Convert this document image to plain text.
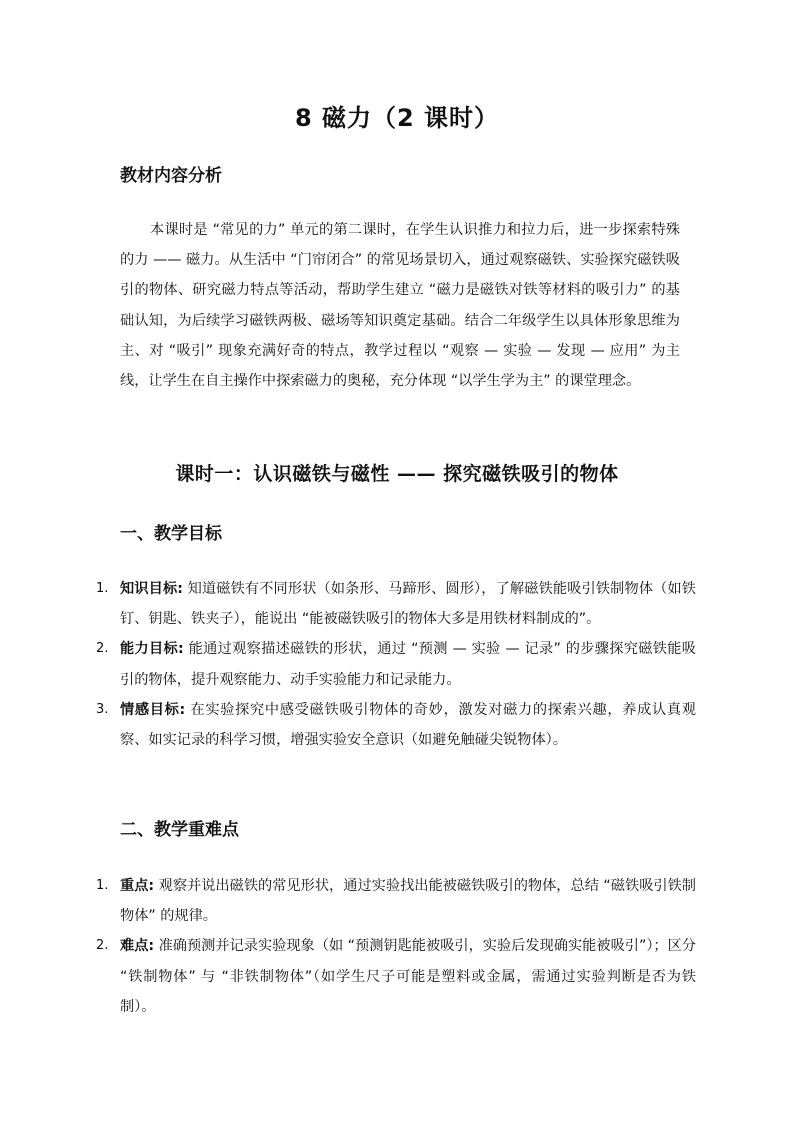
8 磁力（2 课时）
教材内容分析

本课时是 “常见的力” 单元的第二课时，在学生认识推力和拉力后，进一步探索特殊的力 —— 磁力。从生活中 “门帘闭合” 的常见场景切入，通过观察磁铁、实验探究磁铁吸引的物体、研究磁力特点等活动，帮助学生建立 “磁力是磁铁对铁等材料的吸引力” 的基础认知，为后续学习磁铁两极、磁场等知识奠定基础。结合二年级学生以具体形象思维为主、对 “吸引” 现象充满好奇的特点，教学过程以 “观察 — 实验 — 发现 — 应用” 为主线，让学生在自主操作中探索磁力的奥秘，充分体现 “以学生学为主” 的课堂理念。

课时一：认识磁铁与磁性 —— 探究磁铁吸引的物体
一、教学目标
1. 知识目标: 知道磁铁有不同形状（如条形、马蹄形、圆形），了解磁铁能吸引铁制物体（如铁钉、钥匙、铁夹子），能说出 “能被磁铁吸引的物体大多是用铁材料制成的”。
2. 能力目标: 能通过观察描述磁铁的形状，通过 “预测 — 实验 — 记录” 的步骤探究磁铁能吸引的物体，提升观察能力、动手实验能力和记录能力。
3. 情感目标: 在实验探究中感受磁铁吸引物体的奇妙，激发对磁力的探索兴趣，养成认真观察、如实记录的科学习惯，增强实验安全意识（如避免触碰尖锐物体）。
二、教学重难点
1. 重点: 观察并说出磁铁的常见形状，通过实验找出能被磁铁吸引的物体，总结 “磁铁吸引铁制物体” 的规律。
2. 难点: 准确预测并记录实验现象（如 “预测钥匙能被吸引，实验后发现确实能被吸引”）；区分 “铁制物体” 与 “非铁制物体”（如学生尺子可能是塑料或金属，需通过实验判断是否为铁制）。
